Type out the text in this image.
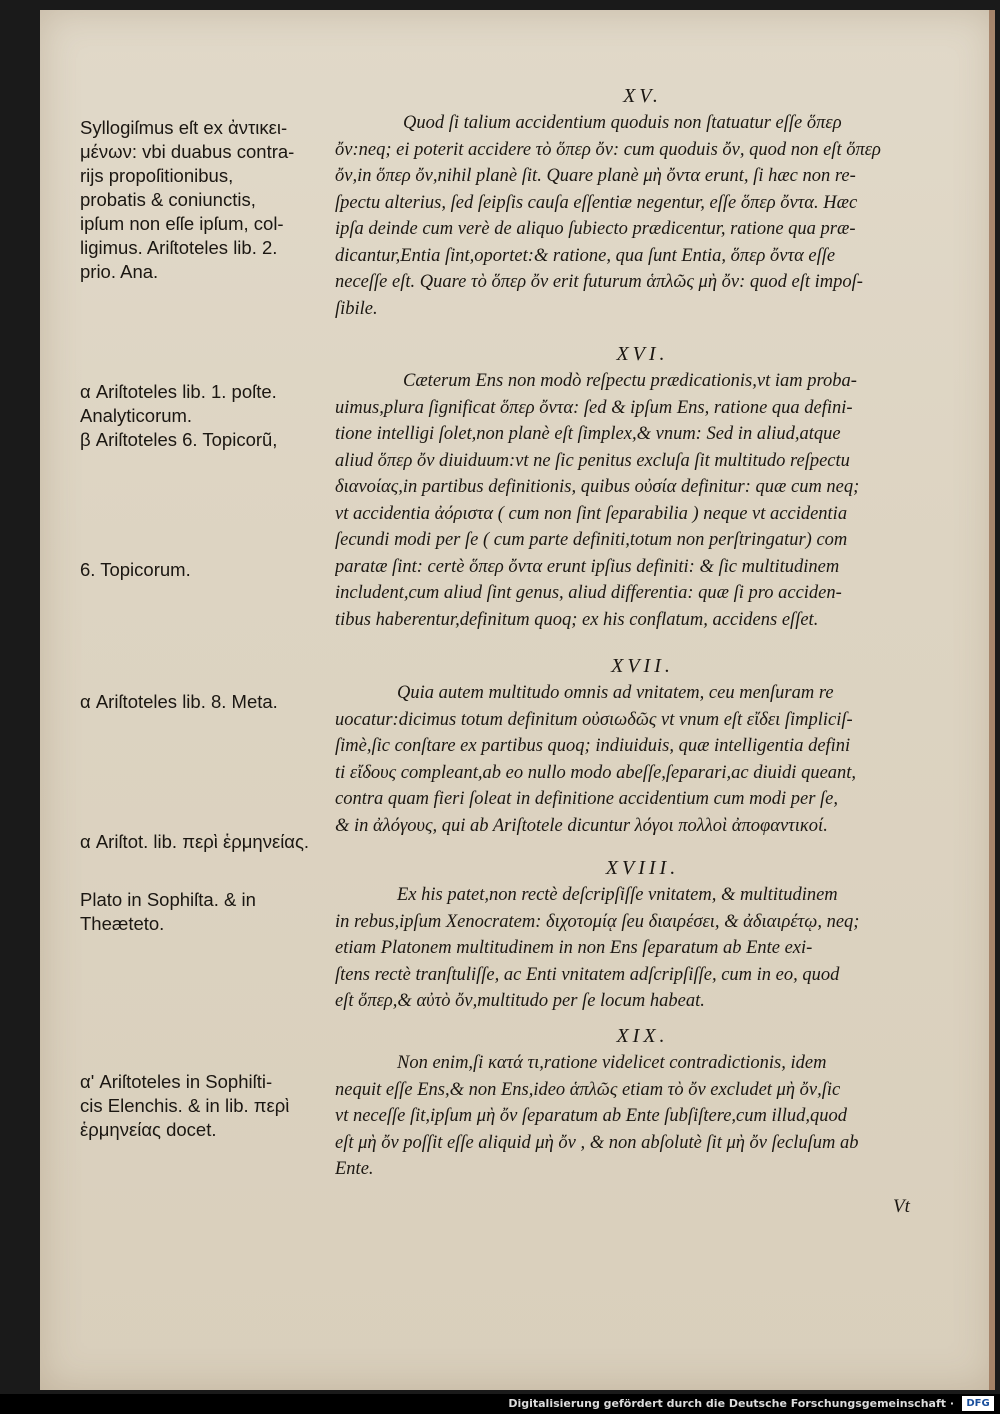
XV.
Quod ſi talium accidentium quoduis non ſtatuatur eſſe ὅπερ
ὄν:neq; ei poterit accidere τὸ ὅπερ ὄν: cum quoduis ὄν, quod non eſt ὅπερ
ὄν,in ὅπερ ὄν,nihil planè ſit. Quare planè μὴ ὄντα erunt, ſi hæc non re-
ſpectu alterius, ſed ſeipſis cauſa eſſentiæ negentur, eſſe ὅπερ ὄντα. Hæc
ipſa deinde cum verè de aliquo ſubiecto prædicentur, ratione qua præ-
dicantur,Entia ſint,oportet:& ratione, qua ſunt Entia, ὅπερ ὄντα eſſe
neceſſe eſt. Quare τὸ ὅπερ ὄν erit futurum ἁπλῶς μὴ ὄν: quod eſt impoſ-
ſibile.
XVI.
Cæterum Ens non modò reſpectu prædicationis,vt iam proba-
uimus,plura ſignificat ὅπερ ὄντα: ſed & ipſum Ens, ratione qua defini-
tione intelligi ſolet,non planè eſt ſimplex,& vnum: Sed in aliud,atque
aliud ὅπερ ὄν diuiduum:vt ne ſic penitus excluſa ſit multitudo reſpectu
διανοίας,in partibus definitionis, quibus οὐσία definitur: quæ cum neq;
vt accidentia ἀόριστα ( cum non ſint ſeparabilia ) neque vt accidentia
ſecundi modi per ſe ( cum parte definiti,totum non perſtringatur) com
paratæ ſint: certè ὅπερ ὄντα erunt ipſius definiti: & ſic multitudinem
includent,cum aliud ſint genus, aliud differentia: quæ ſi pro acciden-
tibus haberentur,definitum quoq; ex his conflatum, accidens eſſet.
XVII.
Quia autem multitudo omnis ad vnitatem, ceu menſuram re
uocatur:dicimus totum definitum οὐσιωδῶς vt vnum eſt εἴδει ſimpliciſ-
ſimè,ſic conſtare ex partibus quoq; indiuiduis, quæ intelligentia defini
ti εἴδους compleant,ab eo nullo modo abeſſe,ſeparari,ac diuidi queant,
contra quam fieri ſoleat in definitione accidentium cum modi per ſe,
& in ἀλόγους, qui ab Ariſtotele dicuntur λόγοι πολλοὶ ἀποφαντικοί.
XVIII.
Ex his patet,non rectè deſcripſiſſe vnitatem, & multitudinem
in rebus,ipſum Xenocratem: διχοτομίᾳ ſeu διαιρέσει, & ἀδιαιρέτῳ, neq;
etiam Platonem multitudinem in non Ens ſeparatum ab Ente exi-
ſtens rectè tranſtuliſſe, ac Enti vnitatem adſcripſiſſe, cum in eo, quod
eſt ὅπερ,& αὐτὸ ὄν,multitudo per ſe locum habeat.
XIX.
Non enim,ſi κατά τι,ratione videlicet contradictionis, idem
nequit eſſe Ens,& non Ens,ideo ἁπλῶς etiam τὸ ὄν excludet μὴ ὄν,ſic
vt neceſſe ſit,ipſum μὴ ὄν ſeparatum ab Ente ſubſiſtere,cum illud,quod
eſt μὴ ὄν poſſit eſſe aliquid μὴ ὄν , & non abſolutè ſit μὴ ὄν ſecluſum ab
Ente.
Syllogiſmus eſt ex ἀντικει-
μένων: vbi duabus contra-
rijs propoſitionibus,
probatis & coniunctis,
ipſum non eſſe ipſum, col-
ligimus. Ariſtoteles lib. 2.
prio. Ana.
α Ariſtoteles lib. 1. poſte.
Analyticorum.
β Ariſtoteles 6. Topicorũ,
6. Topicorum.
α Ariſtoteles lib. 8. Meta.
α Ariſtot. lib. περὶ ἑρμηνείας.
Plato in Sophiſta. & in
Theæteto.
α' Ariſtoteles in Sophiſti-
cis Elenchis. & in lib. περὶ
ἑρμηνείας docet.
Vt
Digitalisierung gefördert durch die Deutsche Forschungsgemeinschaft ·	DFG
